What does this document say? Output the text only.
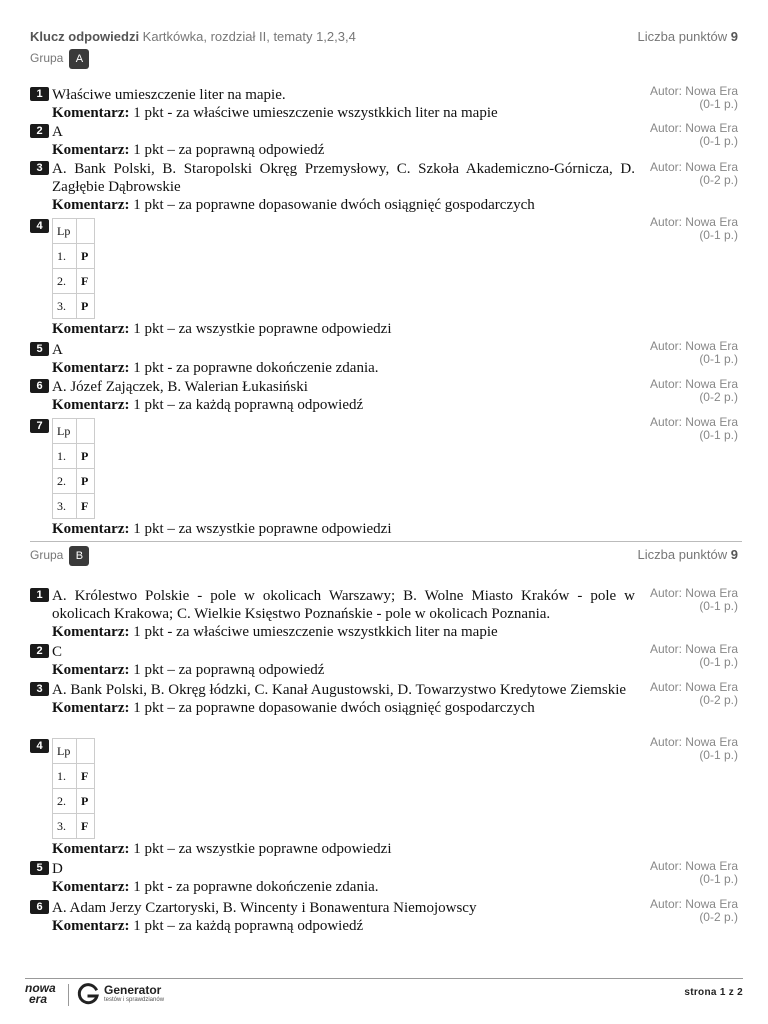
Klucz odpowiedzi Kartkówka, rozdział II, tematy 1,2,3,4	Liczba punktów 9
Grupa A
1 Właściwe umieszczenie liter na mapie.
Komentarz: 1 pkt - za właściwe umieszczenie wszystkkich liter na mapie
Autor: Nowa Era
(0-1 p.)
2 A
Komentarz: 1 pkt – za poprawną odpowiedź
Autor: Nowa Era
(0-1 p.)
3 A. Bank Polski, B. Staropolski Okręg Przemysłowy, C. Szkoła Akademiczno-Górnicza, D. Zagłębie Dąbrowskie
Komentarz: 1 pkt – za poprawne dopasowanie dwóch osiągnięć gospodarczych
Autor: Nowa Era
(0-2 p.)
4	Lp	
1.	P
2.	F
3.	P
Komentarz: 1 pkt – za wszystkie poprawne odpowiedzi
Autor: Nowa Era
(0-1 p.)
5 A
Komentarz: 1 pkt - za poprawne dokończenie zdania.
Autor: Nowa Era
(0-1 p.)
6 A. Józef Zajączek, B. Walerian Łukasiński
Komentarz: 1 pkt – za każdą poprawną odpowiedź
Autor: Nowa Era
(0-2 p.)
7	Lp	
1.	P
2.	P
3.	F
Komentarz: 1 pkt – za wszystkie poprawne odpowiedzi
Autor: Nowa Era
(0-1 p.)
Grupa B	Liczba punktów 9
1 A. Królestwo Polskie - pole w okolicach Warszawy; B. Wolne Miasto Kraków - pole w okolicach Krakowa; C. Wielkie Księstwo Poznańskie - pole w okolicach Poznania.
Komentarz: 1 pkt - za właściwe umieszczenie wszystkkich liter na mapie
Autor: Nowa Era
(0-1 p.)
2 C
Komentarz: 1 pkt – za poprawną odpowiedź
Autor: Nowa Era
(0-1 p.)
3 A. Bank Polski, B. Okręg łódzki, C. Kanał Augustowski, D. Towarzystwo Kredytowe Ziemskie
Komentarz: 1 pkt – za poprawne dopasowanie dwóch osiągnięć gospodarczych
Autor: Nowa Era
(0-2 p.)
4	Lp	
1.	F
2.	P
3.	F
Komentarz: 1 pkt – za wszystkie poprawne odpowiedzi
Autor: Nowa Era
(0-1 p.)
5 D
Komentarz: 1 pkt - za poprawne dokończenie zdania.
Autor: Nowa Era
(0-1 p.)
6 A. Adam Jerzy Czartoryski, B. Wincenty i Bonawentura Niemojowscy
Komentarz: 1 pkt – za każdą poprawną odpowiedź
Autor: Nowa Era
(0-2 p.)
nowa
era
Generator
testów i sprawdzianów
strona 1 z 2
